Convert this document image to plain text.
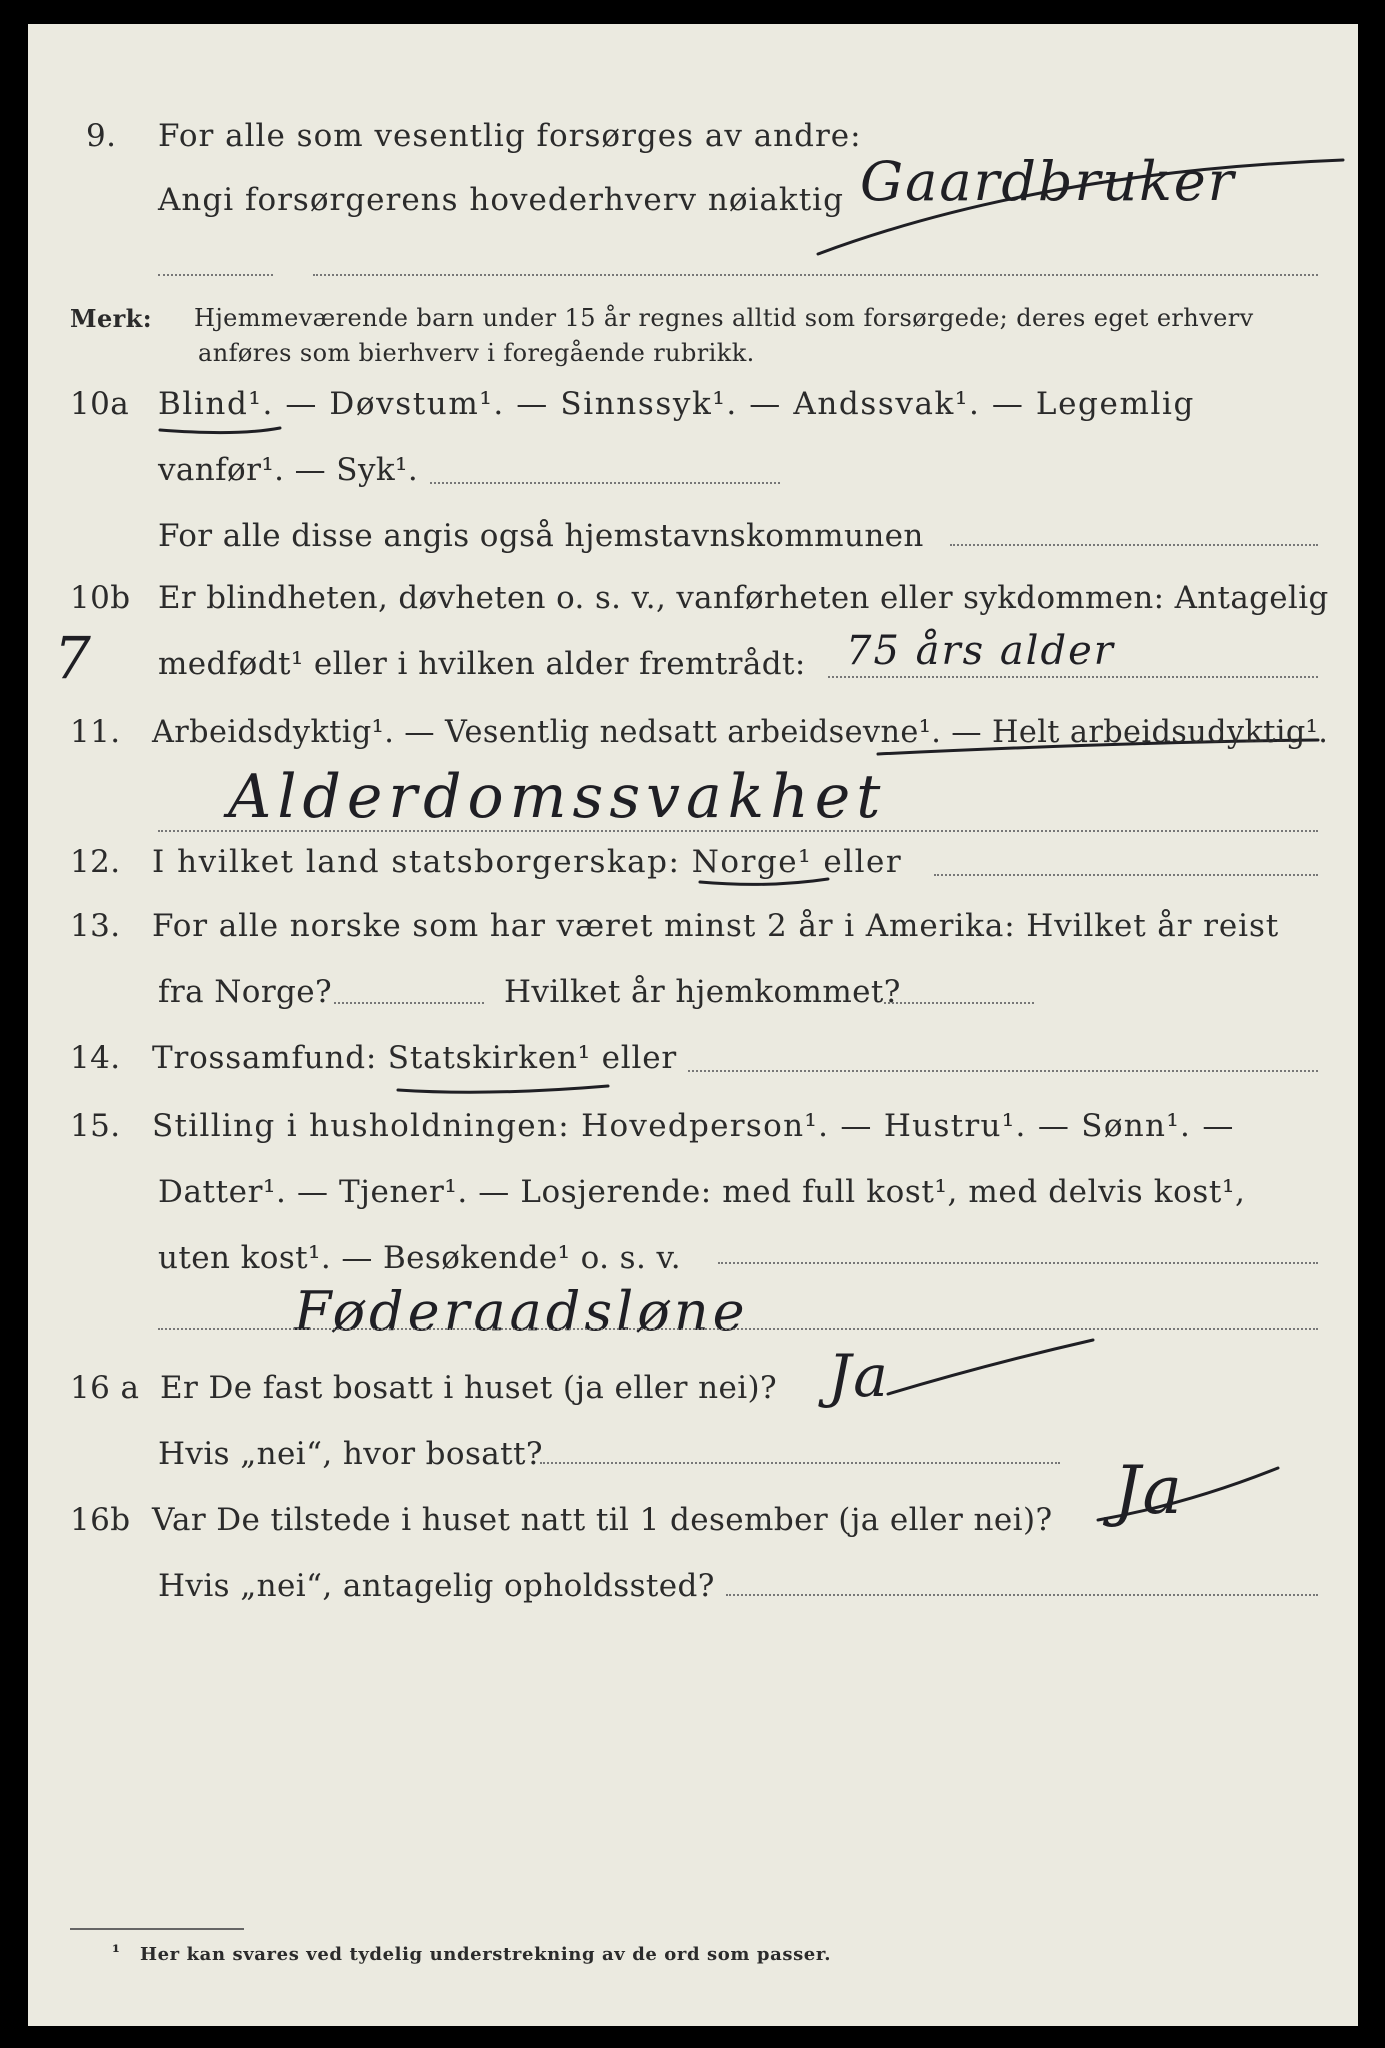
9. For alle som vesentlig forsørges av andre:
Angi forsørgerens hovederhverv nøiaktig Gaardbruker
Merk: Hjemmeværende barn under 15 år regnes alltid som forsørgede; deres eget erhverv
anføres som bierhverv i foregående rubrikk.
10a Blind¹. — Døvstum¹. — Sinnssyk¹. — Andssvak¹. — Legemlig
vanfør¹. — Syk¹.
For alle disse angis også hjemstavnskommunen
10b Er blindheten, døvheten o. s. v., vanførheten eller sykdommen: Antagelig
7 medfødt¹ eller i hvilken alder fremtrådt: 75 års alder
11. Arbeidsdyktig¹. — Vesentlig nedsatt arbeidsevne¹. — Helt arbeidsudyktig¹.
Alderdomssvakhet
12. I hvilket land statsborgerskap: Norge¹ eller
13. For alle norske som har været minst 2 år i Amerika: Hvilket år reist
fra Norge?	Hvilket år hjemkommet?
14. Trossamfund: Statskirken¹ eller
15. Stilling i husholdningen: Hovedperson¹. — Hustru¹. — Sønn¹. —
Datter¹. — Tjener¹. — Losjerende: med full kost¹, med delvis kost¹,
uten kost¹. — Besøkende¹ o. s. v.
Føderaadsløne
16 a Er De fast bosatt i huset (ja eller nei)? Ja
Hvis „nei“, hvor bosatt?
16b Var De tilstede i huset natt til 1 desember (ja eller nei)? Ja
Hvis „nei“, antagelig opholdssted?
¹ Her kan svares ved tydelig understrekning av de ord som passer.
